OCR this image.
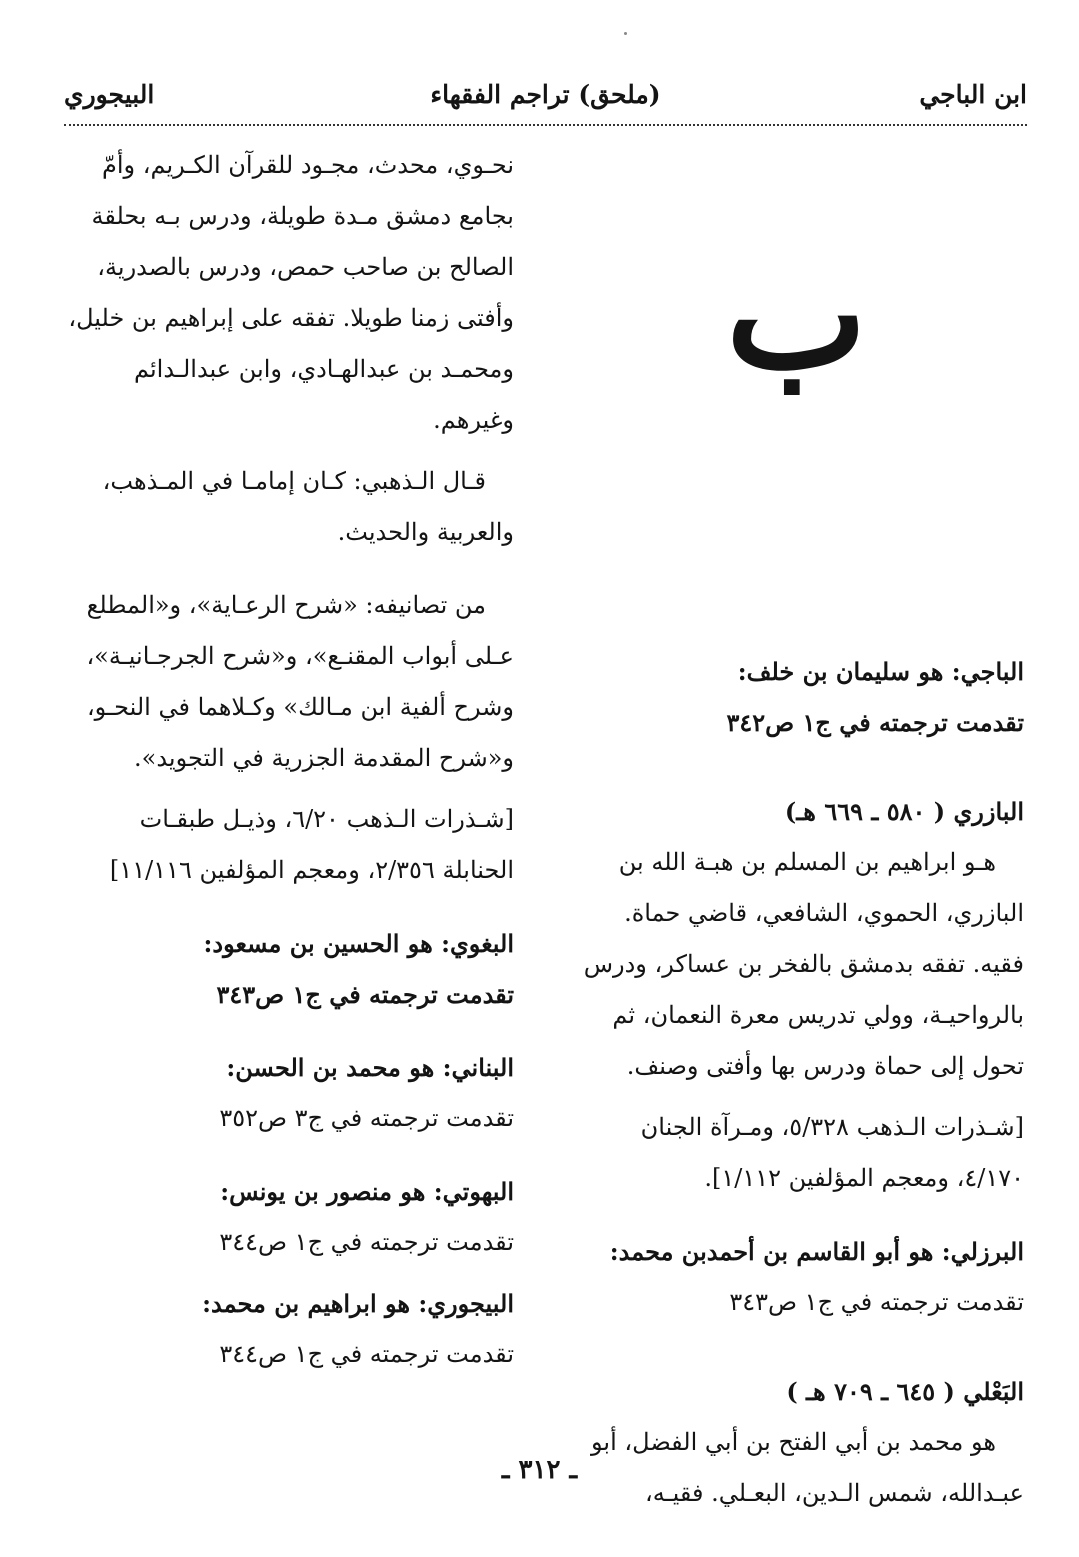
ابن الباجي
(ملحق) تراجم الفقهاء
البيجوري
ب

الباجي: هو سليمان بن خلف:

تقدمت ترجمته في ج١ ص٣٤٢

البازري ( ٥٨٠ ـ ٦٦٩ هـ)

هـو ابراهيم بن المسلم بن هبـة الله بن

البازري، الحموي، الشافعي، قاضي حماة.

فقيه. تفقه بدمشق بالفخر بن عساكر، ودرس

بالرواحيـة، وولي تدريس معرة النعمان، ثم

تحول إلى حماة ودرس بها وأفتى وصنف.

[شـذرات الـذهب ٥/٣٢٨، ومـرآة الجنان

٤/١٧٠، ومعجم المؤلفين ١/١١٢].

البرزلي: هو أبو القاسم بن أحمدبن محمد:

تقدمت ترجمته في ج١ ص٣٤٣

البَعْلي ( ٦٤٥ ـ ٧٠٩ هـ )

هو محمد بن أبي الفتح بن أبي الفضل، أبو

عبـدالله، شمس الـدين، البعـلي. فقيـه،

نحـوي، محدث، مجـود للقرآن الكـريم، وأمّ

بجامع دمشق مـدة طويلة، ودرس بـه بحلقة

الصالح بن صاحب حمص، ودرس بالصدرية،

وأفتى زمنا طويلا. تفقه على إبراهيم بن خليل،

ومحمـد بن عبدالهـادي، وابن عبدالـدائم

وغيرهم.

قـال الـذهبي: كـان إمامـا في المـذهب،

والعربية والحديث.

من تصانيفه: «شرح الرعـاية»، و«المطلع

عـلى أبواب المقنـع»، و«شرح الجرجـانيـة»،

وشرح ألفية ابن مـالك» وكـلاهما في النحـو،

و«شرح المقدمة الجزرية في التجويد».

[شـذرات الـذهب ٦/٢٠، وذيـل طبقـات

الحنابلة ٢/٣٥٦، ومعجم المؤلفين ١١/١١٦]

البغوي: هو الحسين بن مسعود:

تقدمت ترجمته في ج١ ص٣٤٣

البناني: هو محمد بن الحسن:

تقدمت ترجمته في ج٣ ص٣٥٢

البهوتي: هو منصور بن يونس:

تقدمت ترجمته في ج١ ص٣٤٤

البيجوري: هو ابراهيم بن محمد:

تقدمت ترجمته في ج١ ص٣٤٤

ـ ٣١٢ ـ
